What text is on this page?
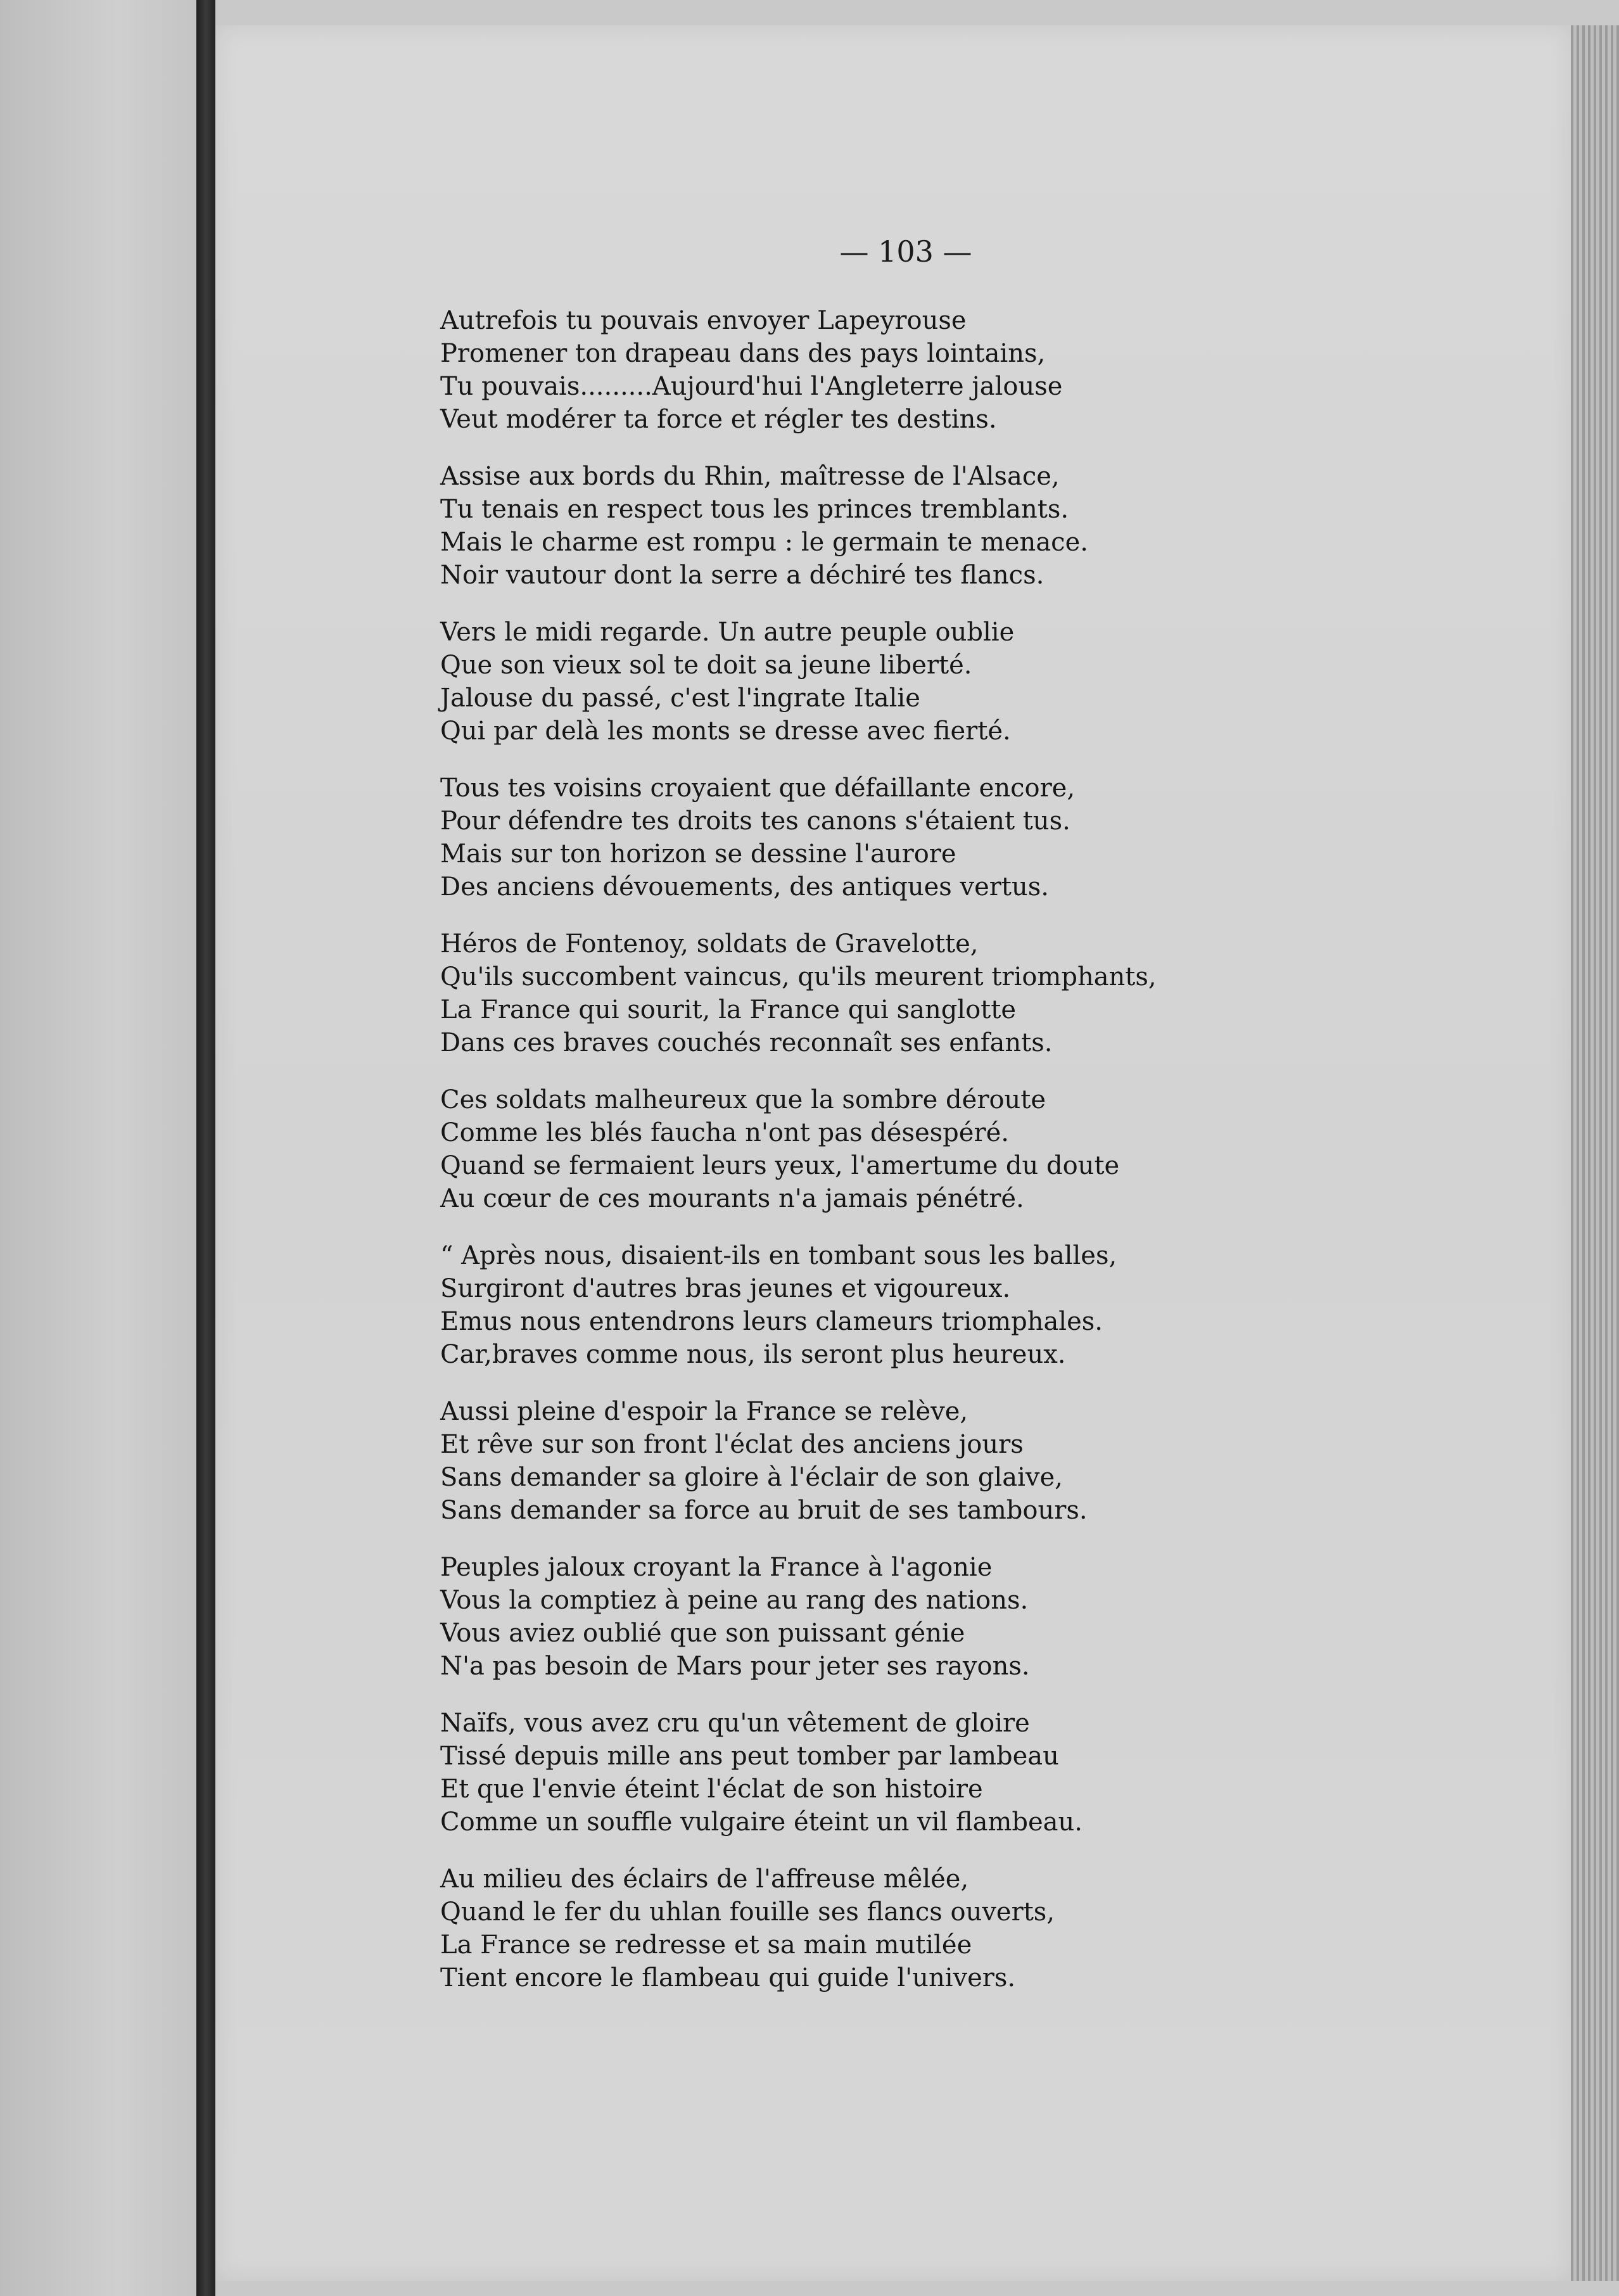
— 103 —
Autrefois tu pouvais envoyer Lapeyrouse
Promener ton drapeau dans des pays lointains,
Tu pouvais.........Aujourd'hui l'Angleterre jalouse
Veut modérer ta force et régler tes destins.
Assise aux bords du Rhin, maîtresse de l'Alsace,
Tu tenais en respect tous les princes tremblants.
Mais le charme est rompu : le germain te menace.
Noir vautour dont la serre a déchiré tes flancs.
Vers le midi regarde. Un autre peuple oublie
Que son vieux sol te doit sa jeune liberté.
Jalouse du passé, c'est l'ingrate Italie
Qui par delà les monts se dresse avec fierté.
Tous tes voisins croyaient que défaillante encore,
Pour défendre tes droits tes canons s'étaient tus.
Mais sur ton horizon se dessine l'aurore
Des anciens dévouements, des antiques vertus.
Héros de Fontenoy, soldats de Gravelotte,
Qu'ils succombent vaincus, qu'ils meurent triomphants,
La France qui sourit, la France qui sanglotte
Dans ces braves couchés reconnaît ses enfants.
Ces soldats malheureux que la sombre déroute
Comme les blés faucha n'ont pas désespéré.
Quand se fermaient leurs yeux, l'amertume du doute
Au cœur de ces mourants n'a jamais pénétré.
“ Après nous, disaient-ils en tombant sous les balles,
Surgiront d'autres bras jeunes et vigoureux.
Emus nous entendrons leurs clameurs triomphales.
Car,braves comme nous, ils seront plus heureux.
Aussi pleine d'espoir la France se relève,
Et rêve sur son front l'éclat des anciens jours
Sans demander sa gloire à l'éclair de son glaive,
Sans demander sa force au bruit de ses tambours.
Peuples jaloux croyant la France à l'agonie
Vous la comptiez à peine au rang des nations.
Vous aviez oublié que son puissant génie
N'a pas besoin de Mars pour jeter ses rayons.
Naïfs, vous avez cru qu'un vêtement de gloire
Tissé depuis mille ans peut tomber par lambeau
Et que l'envie éteint l'éclat de son histoire
Comme un souffle vulgaire éteint un vil flambeau.
Au milieu des éclairs de l'affreuse mêlée,
Quand le fer du uhlan fouille ses flancs ouverts,
La France se redresse et sa main mutilée
Tient encore le flambeau qui guide l'univers.
